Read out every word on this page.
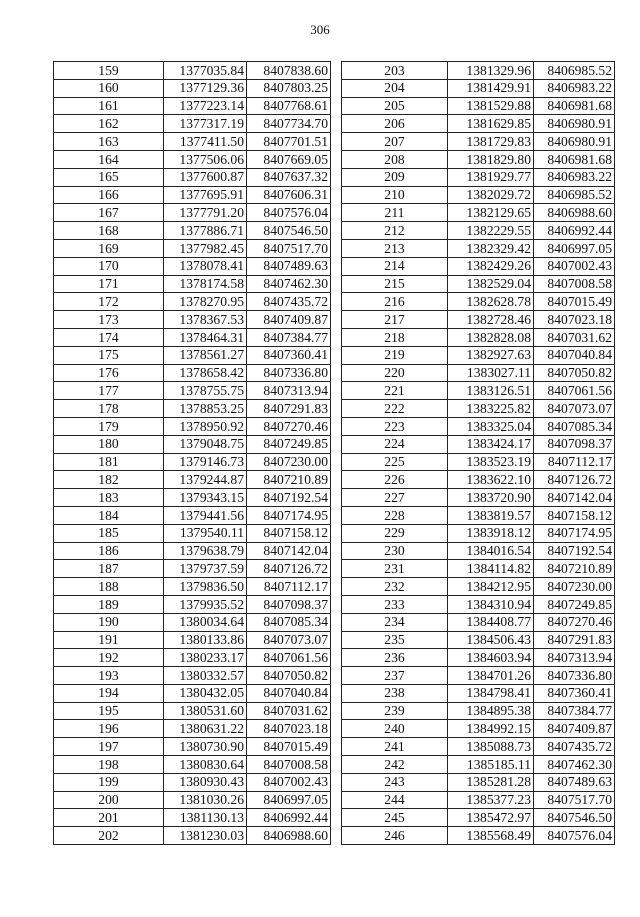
306
159	1377035.84	8407838.60
160	1377129.36	8407803.25
161	1377223.14	8407768.61
162	1377317.19	8407734.70
163	1377411.50	8407701.51
164	1377506.06	8407669.05
165	1377600.87	8407637.32
166	1377695.91	8407606.31
167	1377791.20	8407576.04
168	1377886.71	8407546.50
169	1377982.45	8407517.70
170	1378078.41	8407489.63
171	1378174.58	8407462.30
172	1378270.95	8407435.72
173	1378367.53	8407409.87
174	1378464.31	8407384.77
175	1378561.27	8407360.41
176	1378658.42	8407336.80
177	1378755.75	8407313.94
178	1378853.25	8407291.83
179	1378950.92	8407270.46
180	1379048.75	8407249.85
181	1379146.73	8407230.00
182	1379244.87	8407210.89
183	1379343.15	8407192.54
184	1379441.56	8407174.95
185	1379540.11	8407158.12
186	1379638.79	8407142.04
187	1379737.59	8407126.72
188	1379836.50	8407112.17
189	1379935.52	8407098.37
190	1380034.64	8407085.34
191	1380133.86	8407073.07
192	1380233.17	8407061.56
193	1380332.57	8407050.82
194	1380432.05	8407040.84
195	1380531.60	8407031.62
196	1380631.22	8407023.18
197	1380730.90	8407015.49
198	1380830.64	8407008.58
199	1380930.43	8407002.43
200	1381030.26	8406997.05
201	1381130.13	8406992.44
202	1381230.03	8406988.60
203	1381329.96	8406985.52
204	1381429.91	8406983.22
205	1381529.88	8406981.68
206	1381629.85	8406980.91
207	1381729.83	8406980.91
208	1381829.80	8406981.68
209	1381929.77	8406983.22
210	1382029.72	8406985.52
211	1382129.65	8406988.60
212	1382229.55	8406992.44
213	1382329.42	8406997.05
214	1382429.26	8407002.43
215	1382529.04	8407008.58
216	1382628.78	8407015.49
217	1382728.46	8407023.18
218	1382828.08	8407031.62
219	1382927.63	8407040.84
220	1383027.11	8407050.82
221	1383126.51	8407061.56
222	1383225.82	8407073.07
223	1383325.04	8407085.34
224	1383424.17	8407098.37
225	1383523.19	8407112.17
226	1383622.10	8407126.72
227	1383720.90	8407142.04
228	1383819.57	8407158.12
229	1383918.12	8407174.95
230	1384016.54	8407192.54
231	1384114.82	8407210.89
232	1384212.95	8407230.00
233	1384310.94	8407249.85
234	1384408.77	8407270.46
235	1384506.43	8407291.83
236	1384603.94	8407313.94
237	1384701.26	8407336.80
238	1384798.41	8407360.41
239	1384895.38	8407384.77
240	1384992.15	8407409.87
241	1385088.73	8407435.72
242	1385185.11	8407462.30
243	1385281.28	8407489.63
244	1385377.23	8407517.70
245	1385472.97	8407546.50
246	1385568.49	8407576.04
